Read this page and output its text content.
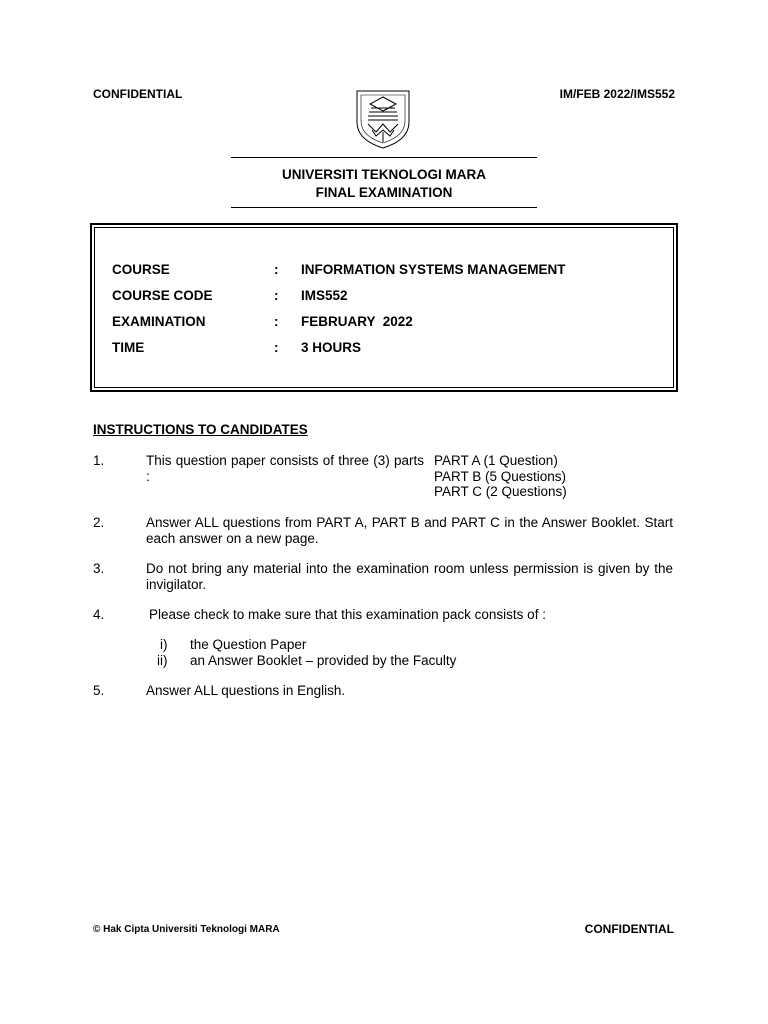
CONFIDENTIAL	IM/FEB 2022/IMS552
UNIVERSITI TEKNOLOGI MARA
FINAL EXAMINATION
COURSE	: INFORMATION SYSTEMS MANAGEMENT
COURSE CODE	: IMS552
EXAMINATION	: FEBRUARY  2022
TIME	: 3 HOURS
INSTRUCTIONS TO CANDIDATES
1.	This question paper consists of three (3) parts :
PART A (1 Question)
PART B (5 Questions)
PART C (2 Questions)
2.	Answer ALL questions from PART A, PART B and PART C in the Answer Booklet. Start each answer on a new page.
3.	Do not bring any material into the examination room unless permission is given by the invigilator.
4.	Please check to make sure that this examination pack consists of :
i) the Question Paper
ii) an Answer Booklet – provided by the Faculty
5.	Answer ALL questions in English.
© Hak Cipta Universiti Teknologi MARA	CONFIDENTIAL
